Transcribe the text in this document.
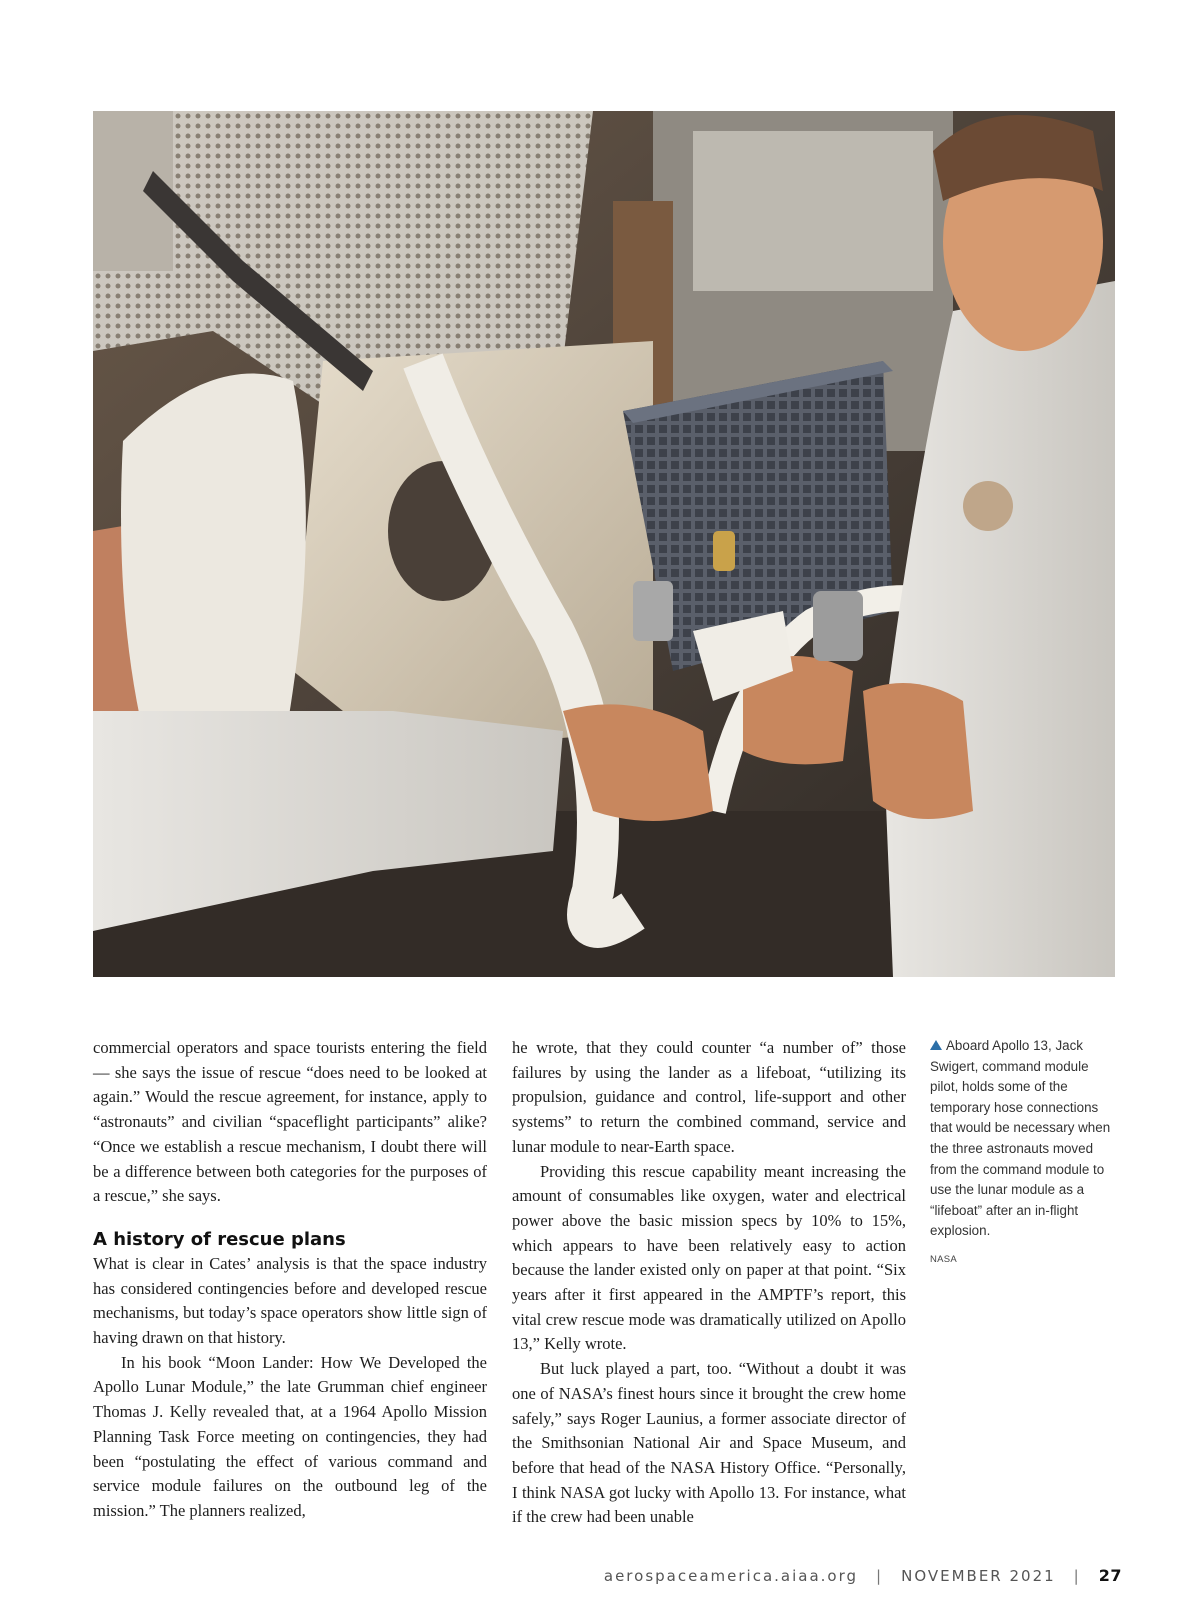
commercial operators and space tourists entering the field — she says the issue of rescue “does need to be looked at again.” Would the rescue agreement, for instance, apply to “astronauts” and civilian “spaceflight participants” alike? “Once we establish a rescue mechanism, I doubt there will be a difference between both categories for the purposes of a rescue,” she says.

A history of rescue plans

What is clear in Cates’ analysis is that the space industry has considered contingencies before and developed rescue mechanisms, but today’s space operators show little sign of having drawn on that history.

In his book “Moon Lander: How We Developed the Apollo Lunar Module,” the late Grumman chief engineer Thomas J. Kelly revealed that, at a 1964 Apollo Mission Planning Task Force meeting on contingencies, they had been “postulating the effect of various command and service module failures on the outbound leg of the mission.” The planners realized,

he wrote, that they could counter “a number of” those failures by using the lander as a lifeboat, “utilizing its propulsion, guidance and control, life-support and other systems” to return the combined command, service and lunar module to near-Earth space.

Providing this rescue capability meant increasing the amount of consumables like oxygen, water and electrical power above the basic mission specs by 10% to 15%, which appears to have been relatively easy to action because the lander existed only on paper at that point. “Six years after it first appeared in the AMPTF’s report, this vital crew rescue mode was dramatically utilized on Apollo 13,” Kelly wrote.

But luck played a part, too. “Without a doubt it was one of NASA’s finest hours since it brought the crew home safely,” says Roger Launius, a former associate director of the Smithsonian National Air and Space Museum, and before that head of the NASA History Office. “Personally, I think NASA got lucky with Apollo 13. For instance, what if the crew had been unable

Aboard Apollo 13, Jack Swigert, command module pilot, holds some of the temporary hose connections that would be necessary when the three astronauts moved from the command module to use the lunar module as a “lifeboat” after an in-flight explosion.
NASA
aerospaceamerica.aiaa.org | NOVEMBER 2021 | 27
